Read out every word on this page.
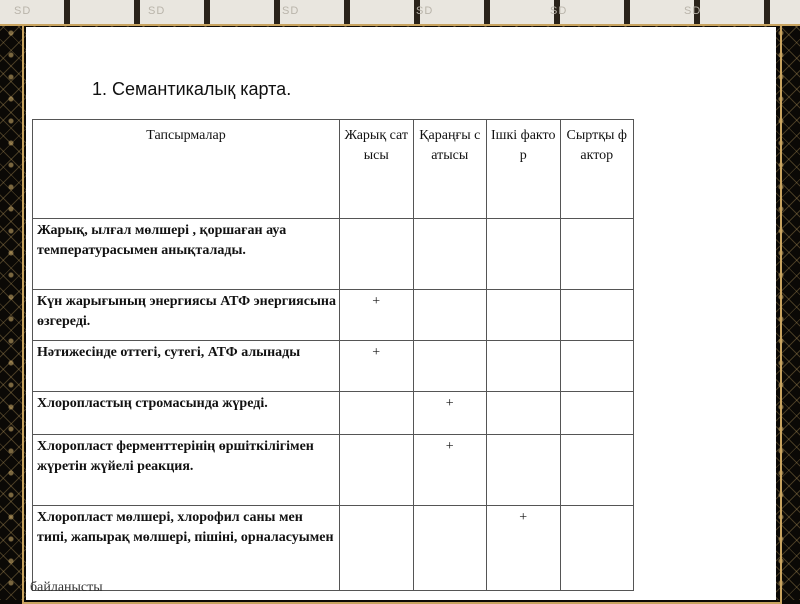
SD	SD	SD	SD	SD	SD
1. Семантикалық карта.
Тапсырмалар	Жарық сатысы	Қараңғы сатысы	Ішкі фактор	Сыртқы фактор
Жарық, ылғал мөлшері , қоршаған ауа температурасымен анықталады.				
Күн жарығының энергиясы АТФ энергиясына өзгереді.	+			
Нәтижесінде оттегі, сутегі, АТФ алынады	+			
Хлоропластың стромасында жүреді.		+		
Хлоропласт ферменттерінің өршіткілігімен жүретін жүйелі реакция.		+		
Хлоропласт мөлшері, хлорофил саны мен типі, жапырақ мөлшері, пішіні, орналасуымен			+	
байланысты
